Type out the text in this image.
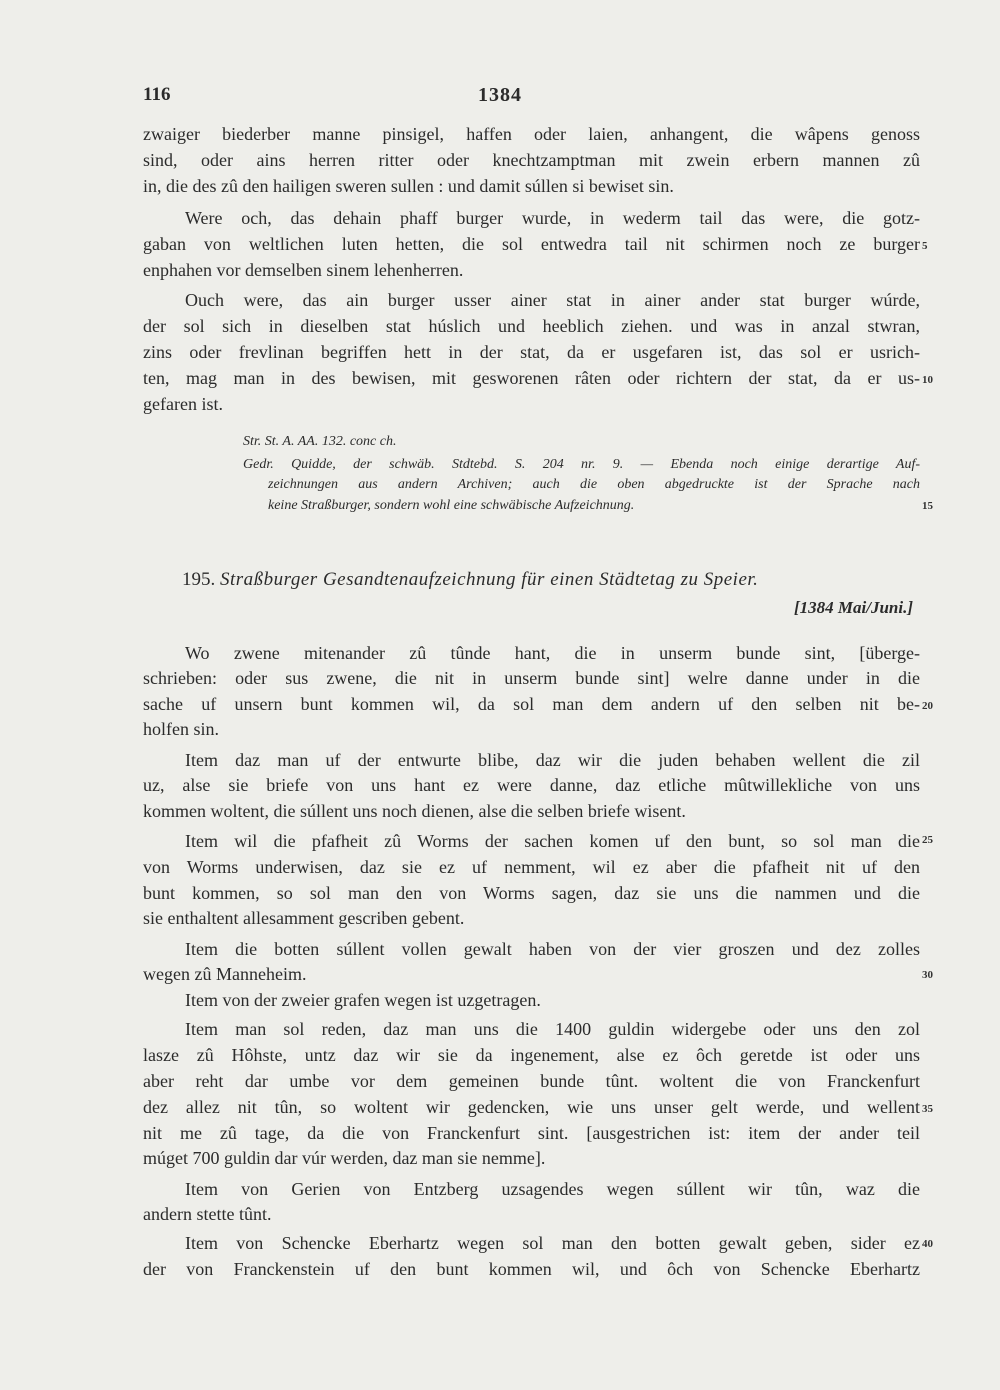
116	1384
zwaiger biederber manne pinsigel, haffen oder laien, anhangent, die wâpens genoss
sind, oder ains herren ritter oder knechtzamptman mit zwein erbern mannen zû
in, die des zû den hailigen sweren sullen : und damit súllen si bewiset sin.
Were och, das dehain phaff burger wurde, in wederm tail das were, die gotz-
gaban von weltlichen luten hetten, die sol entwedra tail nit schirmen noch ze burger
enphahen vor demselben sinem lehenherren.
Ouch were, das ain burger usser ainer stat in ainer ander stat burger wúrde,
der sol sich in dieselben stat húslich und heeblich ziehen. und was in anzal stwran,
zins oder frevlinan begriffen hett in der stat, da er usgefaren ist, das sol er usrich-
ten, mag man in des bewisen, mit gesworenen râten oder richtern der stat, da er us-
gefaren ist.
Str. St. A. AA. 132. conc ch.
Gedr. Quidde, der schwäb. Stdtebd. S. 204 nr. 9. — Ebenda noch einige derartige Auf-
zeichnungen aus andern Archiven; auch die oben abgedruckte ist der Sprache nach
keine Straßburger, sondern wohl eine schwäbische Aufzeichnung.
195. Straßburger Gesandtenaufzeichnung für einen Städtetag zu Speier.
[1384 Mai/Juni.]
Wo zwene mitenander zû tûnde hant, die in unserm bunde sint, [überge-
schrieben: oder sus zwene, die nit in unserm bunde sint] welre danne under in die
sache uf unsern bunt kommen wil, da sol man dem andern uf den selben nit be-
holfen sin.
Item daz man uf der entwurte blibe, daz wir die juden behaben wellent die zil
uz, alse sie briefe von uns hant ez were danne, daz etliche mûtwillekliche von uns
kommen woltent, die súllent uns noch dienen, alse die selben briefe wisent.
Item wil die pfafheit zû Worms der sachen komen uf den bunt, so sol man die
von Worms underwisen, daz sie ez uf nemment, wil ez aber die pfafheit nit uf den
bunt kommen, so sol man den von Worms sagen, daz sie uns die nammen und die
sie enthaltent allesamment gescriben gebent.
Item die botten súllent vollen gewalt haben von der vier groszen und dez zolles
wegen zû Manneheim.
Item von der zweier grafen wegen ist uzgetragen.
Item man sol reden, daz man uns die 1400 guldin widergebe oder uns den zol
lasze zû Hôhste, untz daz wir sie da ingenement, alse ez ôch geretde ist oder uns
aber reht dar umbe vor dem gemeinen bunde tûnt. woltent die von Franckenfurt
dez allez nit tûn, so woltent wir gedencken, wie uns unser gelt werde, und wellent
nit me zû tage, da die von Franckenfurt sint. [ausgestrichen ist: item der ander teil
múget 700 guldin dar vúr werden, daz man sie nemme].
Item von Gerien von Entzberg uzsagendes wegen súllent wir tûn, waz die
andern stette tûnt.
Item von Schencke Eberhartz wegen sol man den botten gewalt geben, sider ez
der von Franckenstein uf den bunt kommen wil, und ôch von Schencke Eberhartz
5
10
15
20
25
30
35
40
